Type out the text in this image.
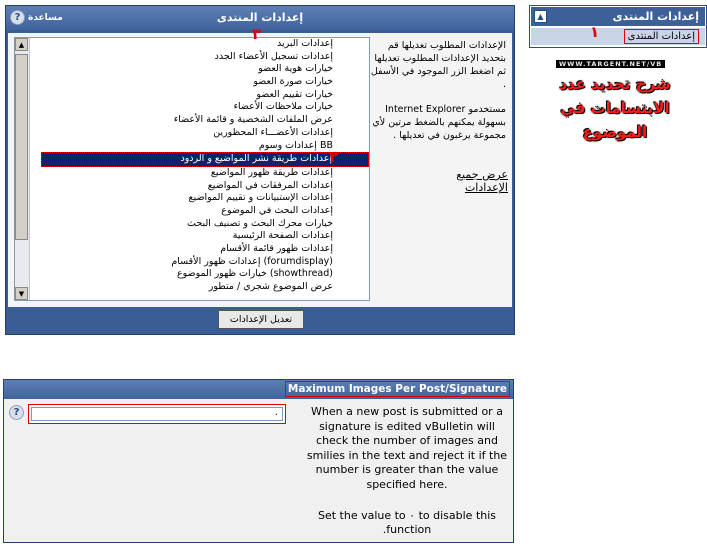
? مساعدة	إعدادات المنتدى
▲
▼
إعدادات البريد
إعدادات تسجيل الأعضاء الجدد
خيارات هوية العضو
خيارات صورة العضو
خيارات تقييم العضو
خيارات ملاحظات الأعضاء
عرض الملفات الشخصية و قائمة الأعضاء
إعدادات الأعضـــاء المحظورين
BB إعدادات وسوم
إعدادات طريقة نشر المواضيع و الردود
إعدادات طريقة ظهور المواضيع
إعدادات المرفقات في المواضيع
إعدادات الإستبيانات و تقييم المواضيع
إعدادات البحث في الموضوع
خيارات محرك البحث و تصنيف البحث
إعدادات الصفحة الرئيسية
إعدادات ظهور قائمة الأقسام
(forumdisplay) إعدادات ظهور الأقسام
(showthread) خيارات ظهور الموضوع
عرض الموضوع شجري / متطور

الإعدادات المطلوب تعديلها قم بتحديد الإعدادات المطلوب تعديلها ثم اضغط الزر الموجود في الأسفل .

مستخدمو Internet Explorer بسهولة يمكنهم بالضغط مرتين لأي مجموعة يرغبون في تعديلها .

عرض جميع الإعدادات
تعديل الإعدادات
٢
▲	إعدادات المنتدى
إعدادات المنتدى
١
WWW.TARGENT.NET/VB
شرح تحديد عدد الابتسامات في الموضوع
Maximum Images Per Post/Signature
?	٠	When a new post is submitted or a signature is edited vBulletin will check the number of images and smilies in the text and reject it if the number is greater than the value specified here.

Set the value to ٠ to disable this .function

٣
